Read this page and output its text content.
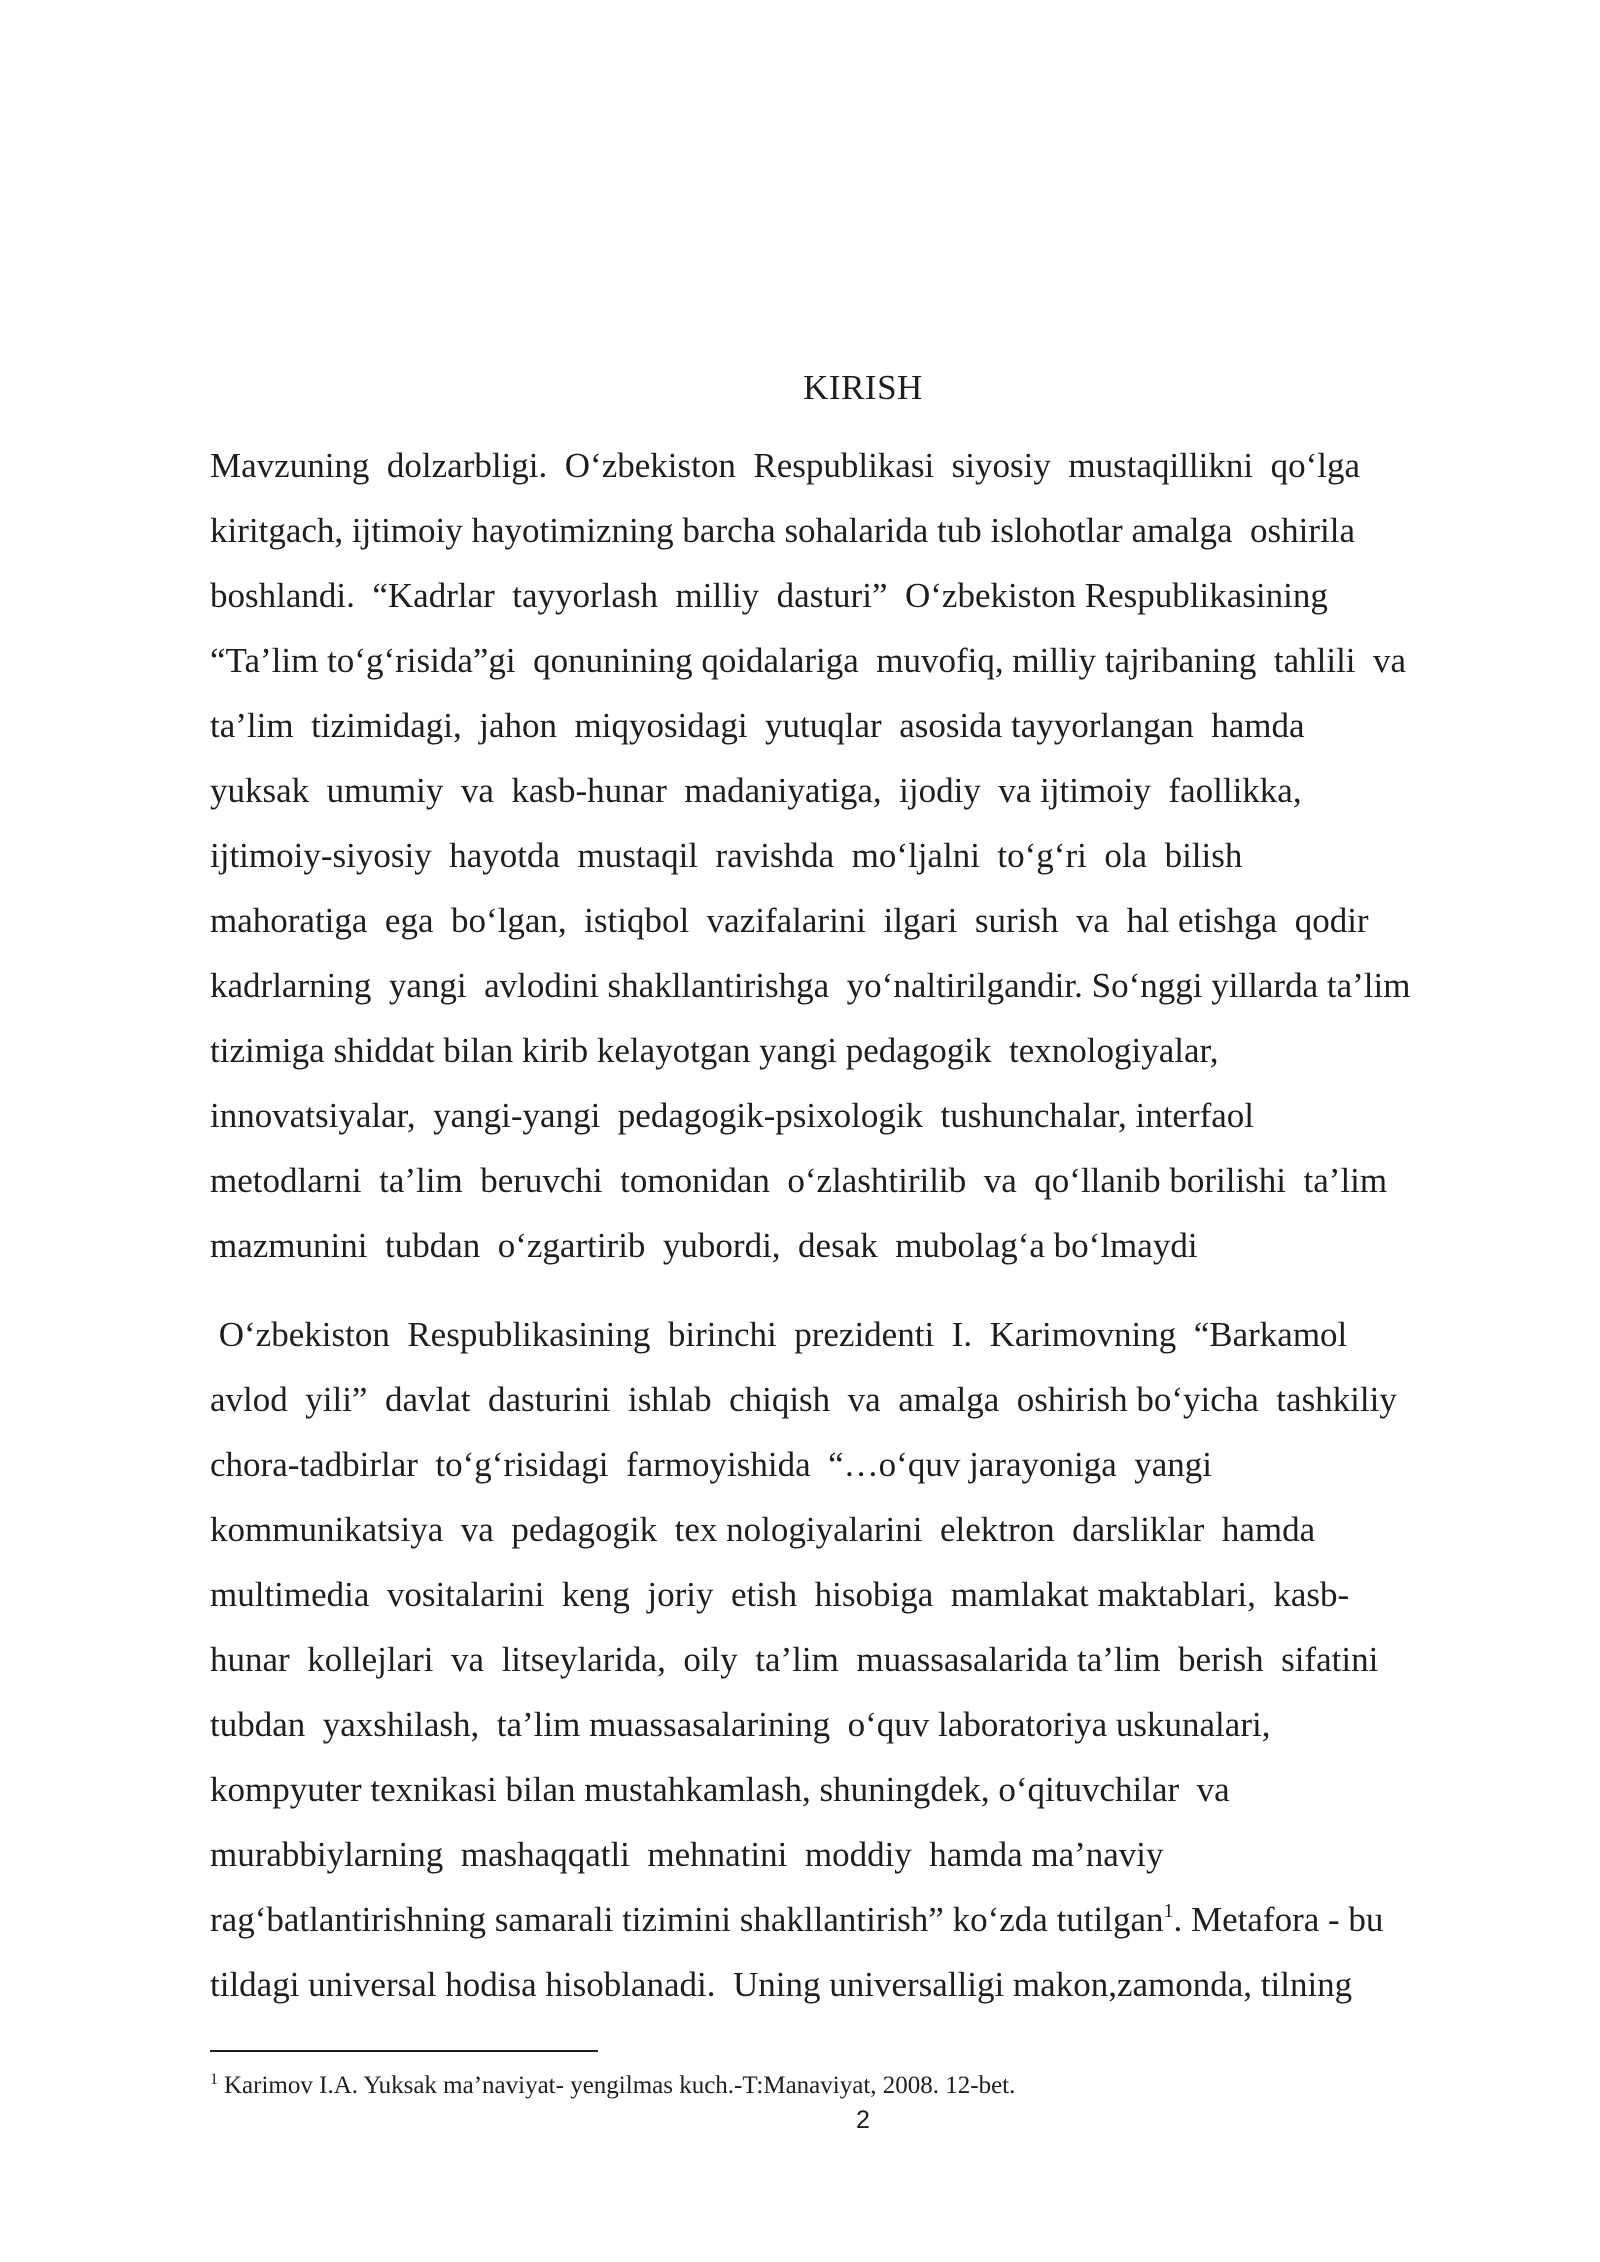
KIRISH
Mavzuning  dolzarbligi.  O‘zbekiston  Respublikasi  siyosiy  mustaqillikni  qo‘lga
kiritgach, ijtimoiy hayotimizning barcha sohalarida tub islohotlar amalga  oshirila
boshlandi.  “Kadrlar  tayyorlash  milliy  dasturi”  O‘zbekiston Respublikasining
“Ta’lim to‘g‘risida”gi  qonunining qoidalariga  muvofiq, milliy tajribaning  tahlili  va
ta’lim  tizimidagi,  jahon  miqyosidagi  yutuqlar  asosida tayyorlangan  hamda
yuksak  umumiy  va  kasb-hunar  madaniyatiga,  ijodiy  va ijtimoiy  faollikka,
ijtimoiy-siyosiy  hayotda  mustaqil  ravishda  mo‘ljalni  to‘g‘ri  ola  bilish
mahoratiga  ega  bo‘lgan,  istiqbol  vazifalarini  ilgari  surish  va  hal etishga  qodir
kadrlarning  yangi  avlodini shakllantirishga  yo‘naltirilgandir. So‘nggi yillarda ta’lim
tizimiga shiddat bilan kirib kelayotgan yangi pedagogik  texnologiyalar,
innovatsiyalar,  yangi-yangi  pedagogik-psixologik  tushunchalar, interfaol
metodlarni  ta’lim  beruvchi  tomonidan  o‘zlashtirilib  va  qo‘llanib borilishi  ta’lim
mazmunini  tubdan  o‘zgartirib  yubordi,  desak  mubolag‘a bo‘lmaydi
O‘zbekiston  Respublikasining  birinchi  prezidenti  I.  Karimovning  “Barkamol
avlod  yili”  davlat  dasturini  ishlab  chiqish  va  amalga  oshirish bo‘yicha  tashkiliy
chora-tadbirlar  to‘g‘risidagi  farmoyishida  “…o‘quv jarayoniga  yangi
kommunikatsiya  va  pedagogik  tex nologiyalarini  elektron  darsliklar  hamda
multimedia  vositalarini  keng  joriy  etish  hisobiga  mamlakat maktablari,  kasb-
hunar  kollejlari  va  litseylarida,  oily  ta’lim  muassasalarida ta’lim  berish  sifatini
tubdan  yaxshilash,  ta’lim muassasalarining  o‘quv laboratoriya uskunalari,
kompyuter texnikasi bilan mustahkamlash, shuningdek, o‘qituvchilar  va
murabbiylarning  mashaqqatli  mehnatini  moddiy  hamda ma’naviy
rag‘batlantirishning samarali tizimini shakllantirish” ko‘zda tutilgan$^1$. Metafora - bu
tildagi universal hodisa hisoblanadi.  Uning universalligi makon,zamonda, tilning

$^1$ Karimov I.A. Yuksak ma’naviyat- yengilmas kuch.-T:Manaviyat, 2008. 12-bet.

2
